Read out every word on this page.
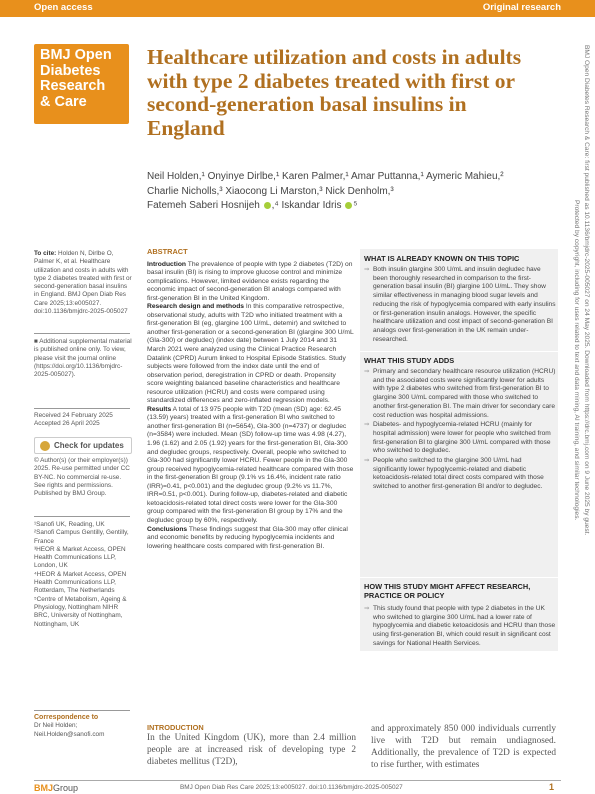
Open access	Original research
BMJ Open
Diabetes
Research
& Care
Healthcare utilization and costs in adults with type 2 diabetes treated with first or second-generation basal insulins in England
Neil Holden,¹ Onyinye Dirlbe,¹ Karen Palmer,¹ Amar Puttanna,¹ Aymeric Mahieu,²
Charlie Nicholls,³ Xiaocong Li Marston,³ Nick Denholm,³
Fatemeh Saberi Hosnijeh ,⁴ Iskandar Idris ⁵
To cite: Holden N, Dirlbe O, Palmer K, et al. Healthcare utilization and costs in adults with type 2 diabetes treated with first or second-generation basal insulins in England. BMJ Open Diab Res Care 2025;13:e005027. doi:10.1136/bmjdrc-2025-005027
■ Additional supplemental material is published online only. To view, please visit the journal online (https://doi.org/10.1136/bmjdrc-2025-005027).
Received 24 February 2025
Accepted 26 April 2025
Check for updates
© Author(s) (or their employer(s)) 2025. Re-use permitted under CC BY-NC. No commercial re-use. See rights and permissions. Published by BMJ Group.
¹Sanofi UK, Reading, UK
²Sanofi Campus Gentilly, Gentilly, France
³HEOR & Market Access, OPEN Health Communications LLP, London, UK
⁴HEOR & Market Access, OPEN Health Communications LLP, Rotterdam, The Netherlands
⁵Centre of Metabolism, Ageing & Physiology, Nottingham NIHR BRC, University of Nottingham, Nottingham, UK
Correspondence to
Dr Neil Holden;
Neil.Holden@sanofi.com
ABSTRACT
Introduction The prevalence of people with type 2 diabetes (T2D) on basal insulin (BI) is rising to improve glucose control and minimize complications. However, limited evidence exists regarding the economic impact of second-generation BI analogs compared with first-generation BI in the United Kingdom.
Research design and methods In this comparative retrospective, observational study, adults with T2D who initiated treatment with a first-generation BI (eg, glargine 100 U/mL, detemir) and switched to another first-generation or a second-generation BI (glargine 300 U/mL (Gla-300) or degludec) (index date) between 1 July 2014 and 31 March 2021 were analyzed using the Clinical Practice Research Datalink (CPRD) Aurum linked to Hospital Episode Statistics. Study subjects were followed from the index date until the end of observation period, deregistration in CPRD or death. Propensity score weighting balanced baseline characteristics and healthcare resource utilization (HCRU) and costs were compared using standardized differences and zero-inflated regression models.
Results A total of 13 975 people with T2D (mean (SD) age: 62.45 (13.59) years) treated with a first-generation BI who switched to another first-generation BI (n=5654), Gla-300 (n=4737) or degludec (n=3584) were included. Mean (SD) follow-up time was 4.98 (4.27), 1.96 (1.62) and 2.05 (1.92) years for the first-generation BI, Gla-300 and degludec groups, respectively. Overall, people who switched to Gla-300 had significantly lower HCRU. Fewer people in the Gla-300 group received hypoglycemia-related healthcare compared with those in the first-generation BI group (9.1% vs 16.4%, incident rate ratio (IRR)=0.41, p<0.001) and the degludec group (9.2% vs 11.7%, IRR=0.51, p<0.001). During follow-up, diabetes-related and diabetic ketoacidosis-related total direct costs were lower for the Gla-300 group compared with the first-generation BI group by 17% and the degludec group by 60%, respectively.
Conclusions These findings suggest that Gla-300 may offer clinical and economic benefits by reducing hypoglycemia incidents and lowering healthcare costs compared with first-generation BI.
WHAT IS ALREADY KNOWN ON THIS TOPIC
⇒ Both insulin glargine 300 U/mL and insulin degludec have been thoroughly researched in comparison to the first-generation basal insulin (BI) glargine 100 U/mL. They show similar effectiveness in managing blood sugar levels and reducing the risk of hypoglycemia compared with early insulins or first-generation insulin analogs. However, the specific healthcare utilization and cost impact of second-generation BI analogs over first-generation in the UK remain under-researched.
WHAT THIS STUDY ADDS
⇒ Primary and secondary healthcare resource utilization (HCRU) and the associated costs were significantly lower for adults with type 2 diabetes who switched from first-generation BI to glargine 300 U/mL compared with those who switched to another first-generation BI. The main driver for secondary care cost reduction was hospital admissions.
⇒ Diabetes- and hypoglycemia-related HCRU (mainly for hospital admission) were lower for people who switched from first-generation BI to glargine 300 U/mL compared with those who switched to degludec.
⇒ People who switched to the glargine 300 U/mL had significantly lower hypoglycemic-related and diabetic ketoacidosis-related total direct costs compared with those switched to another first-generation BI and/or to degludec.
HOW THIS STUDY MIGHT AFFECT RESEARCH, PRACTICE OR POLICY
⇒ This study found that people with type 2 diabetes in the UK who switched to glargine 300 U/mL had a lower rate of hypoglycemia and diabetic ketoacidosis and HCRU than those using first-generation BI, which could result in significant cost savings for National Health Services.
INTRODUCTION
In the United Kingdom (UK), more than 2.4 million people are at increased risk of developing type 2 diabetes mellitus (T2D),
and approximately 850 000 individuals currently live with T2D but remain undiagnosed. Additionally, the prevalence of T2D is expected to rise further, with estimates
BMJGroup	BMJ Open Diab Res Care 2025;13:e005027. doi:10.1136/bmjdrc-2025-005027	1
BMJ Open Diabetes Research & Care: first published as 10.1136/bmjdrc-2025-005027 on 24 May 2025. Downloaded from https://drc.bmj.com on 9 June 2025 by guest.
Protected by copyright, including for uses related to text and data mining, AI training, and similar technologies.
